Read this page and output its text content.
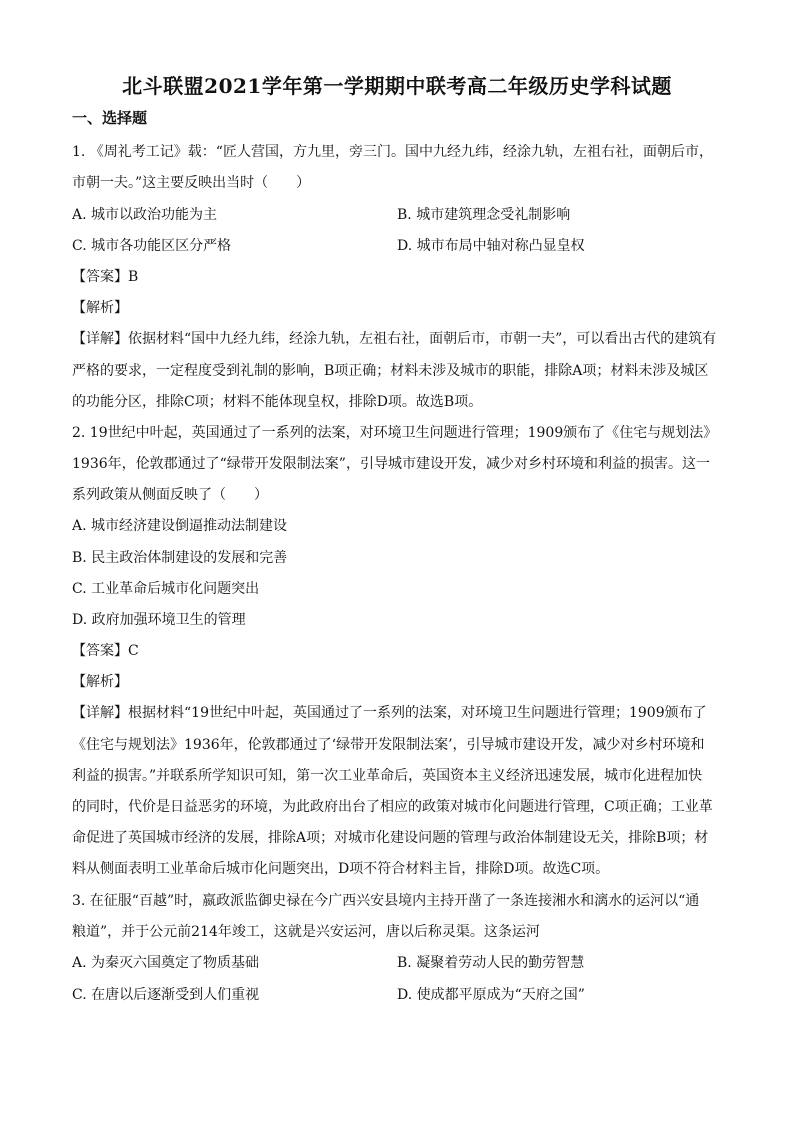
北斗联盟2021学年第一学期期中联考高二年级历史学科试题
一、选择题
1. 《周礼考工记》载：“匠人营国，方九里，旁三门。国中九经九纬，经涂九轨，左祖右社，面朝后市，
市朝一夫。”这主要反映出当时（　　）
A. 城市以政治功能为主	B. 城市建筑理念受礼制影响
C. 城市各功能区区分严格	D. 城市布局中轴对称凸显皇权
【答案】B
【解析】
【详解】依据材料“国中九经九纬，经涂九轨，左祖右社，面朝后市，市朝一夫”，可以看出古代的建筑有
严格的要求，一定程度受到礼制的影响，B项正确；材料未涉及城市的职能，排除A项；材料未涉及城区
的功能分区，排除C项；材料不能体现皇权，排除D项。故选B项。
2. 19世纪中叶起，英国通过了一系列的法案，对环境卫生问题进行管理；1909颁布了《住宅与规划法》
1936年，伦敦郡通过了“绿带开发限制法案”，引导城市建设开发，减少对乡村环境和利益的损害。这一
系列政策从侧面反映了（　　）
A. 城市经济建设倒逼推动法制建设
B. 民主政治体制建设的发展和完善
C. 工业革命后城市化问题突出
D. 政府加强环境卫生的管理
【答案】C
【解析】
【详解】根据材料“19世纪中叶起，英国通过了一系列的法案，对环境卫生问题进行管理；1909颁布了
《住宅与规划法》1936年，伦敦郡通过了‘绿带开发限制法案’，引导城市建设开发，减少对乡村环境和
利益的损害。”并联系所学知识可知，第一次工业革命后，英国资本主义经济迅速发展，城市化进程加快
的同时，代价是日益恶劣的环境，为此政府出台了相应的政策对城市化问题进行管理，C项正确；工业革
命促进了英国城市经济的发展，排除A项；对城市化建设问题的管理与政治体制建设无关，排除B项；材
料从侧面表明工业革命后城市化问题突出，D项不符合材料主旨，排除D项。故选C项。
3. 在征服“百越”时，嬴政派监御史禄在今广西兴安县境内主持开凿了一条连接湘水和漓水的运河以“通
粮道”，并于公元前214年竣工，这就是兴安运河，唐以后称灵渠。这条运河
A. 为秦灭六国奠定了物质基础	B. 凝聚着劳动人民的勤劳智慧
C. 在唐以后逐渐受到人们重视	D. 使成都平原成为“天府之国”
